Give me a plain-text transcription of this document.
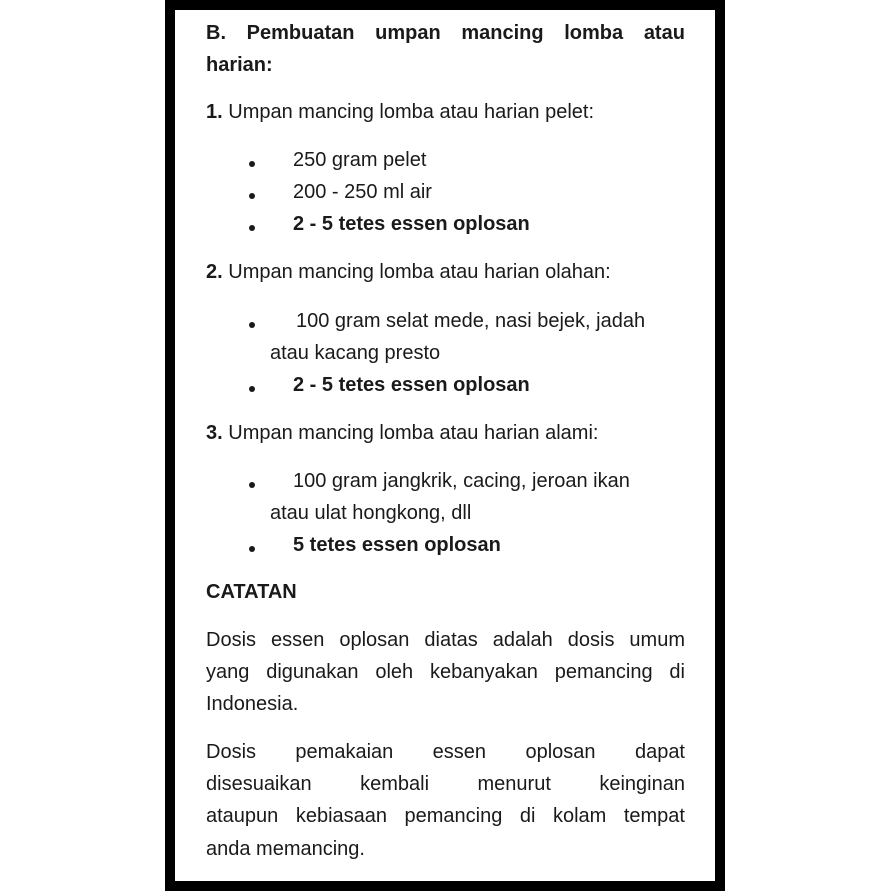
B. Pembuatan umpan mancing lomba atau
harian:
1. Umpan mancing lomba atau harian pelet:
250 gram pelet
200 - 250 ml air
2 - 5 tetes essen oplosan
2. Umpan mancing lomba atau harian olahan:
100 gram selat mede, nasi bejek, jadah
atau kacang presto
2 - 5 tetes essen oplosan
3. Umpan mancing lomba atau harian alami:
100 gram jangkrik, cacing, jeroan ikan
atau ulat hongkong, dll
5 tetes essen oplosan
CATATAN
Dosis essen oplosan diatas adalah dosis umum
yang digunakan oleh kebanyakan pemancing di
Indonesia.
Dosis pemakaian essen oplosan dapat
disesuaikan kembali menurut keinginan
ataupun kebiasaan pemancing di kolam tempat
anda memancing.
